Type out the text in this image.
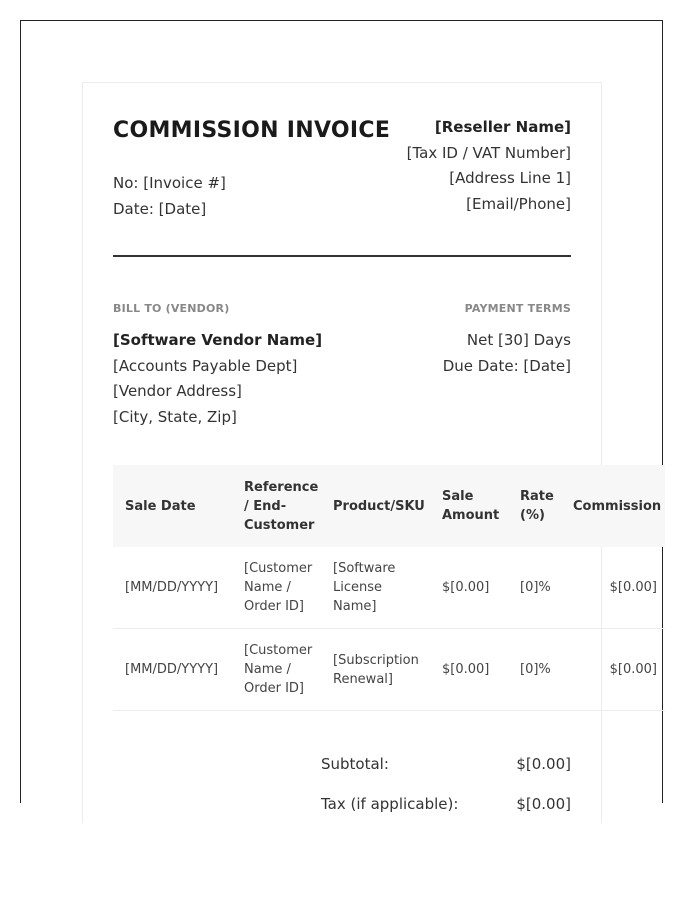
COMMISSION INVOICE
No: [Invoice #]
Date: [Date]
[Reseller Name]
[Tax ID / VAT Number]
[Address Line 1]
[Email/Phone]
BILL TO (VENDOR)
[Software Vendor Name]
[Accounts Payable Dept]
[Vendor Address]
[City, State, Zip]
PAYMENT TERMS
Net [30] Days
Due Date: [Date]
Sale Date	Reference / End-Customer	Product/SKU	Sale Amount	Rate (%)	Commission
[MM/DD/YYYY]	[Customer Name / Order ID]	[Software License Name]	$[0.00]	[0]%	$[0.00]
[MM/DD/YYYY]	[Customer Name / Order ID]	[Subscription Renewal]	$[0.00]	[0]%	$[0.00]
Subtotal:	$[0.00]
Tax (if applicable):	$[0.00]
